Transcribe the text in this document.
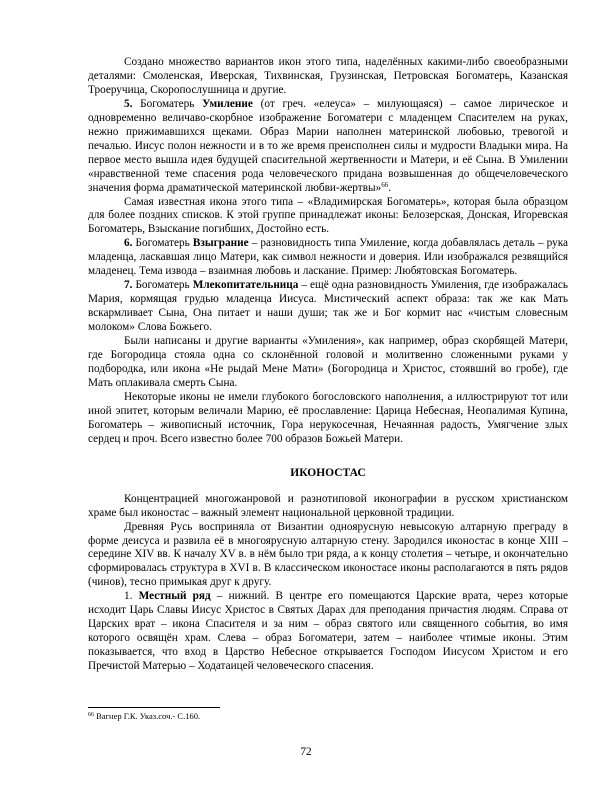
Создано множество вариантов икон этого типа, наделённых какими-либо своеобразными деталями: Смоленская, Иверская, Тихвинская, Грузинская, Петровская Богоматерь, Казанская Троеручица, Скоропослушница и другие.

5. Богоматерь Умиление (от греч. «елеуса» – милующаяся) – самое лирическое и одновременно величаво-скорбное изображение Богоматери с младенцем Спасителем на руках, нежно прижимавшихся щеками. Образ Марии наполнен материнской любовью, тревогой и печалью. Иисус полон нежности и в то же время преисполнен силы и мудрости Владыки мира. На первое место вышла идея будущей спасительной жертвенности и Матери, и её Сына. В Умилении «нравственной теме спасения рода человеческого придана возвышенная до общечеловеческого значения форма драматической материнской любви-жертвы»$^{66}$.

Самая известная икона этого типа – «Владимирская Богоматерь», которая была образцом для более поздних списков. К этой группе принадлежат иконы: Белозерская, Донская, Игоревская Богоматерь, Взыскание погибших, Достойно есть.

6. Богоматерь Взыграние – разновидность типа Умиление, когда добавлялась деталь – рука младенца, ласкавшая лицо Матери, как символ нежности и доверия. Или изображался резвящийся младенец. Тема извода – взаимная любовь и ласкание. Пример: Любятовская Богоматерь.

7. Богоматерь Млекопитательница – ещё одна разновидность Умиления, где изображалась Мария, кормящая грудью младенца Иисуса. Мистический аспект образа: так же как Мать вскармливает Сына, Она питает и наши души; так же и Бог кормит нас «чистым словесным молоком» Слова Божьего.

Были написаны и другие варианты «Умиления», как например, образ скорбящей Матери, где Богородица стояла одна со склонённой головой и молитвенно сложенными руками у подбородка, или икона «Не рыдай Мене Мати» (Богородица и Христос, стоявший во гробе), где Мать оплакивала смерть Сына.

Некоторые иконы не имели глубокого богословского наполнения, а иллюстрируют тот или иной эпитет, которым величали Марию, её прославление: Царица Небесная, Неопалимая Купина, Богоматерь – живописный источник, Гора нерукосечная, Нечаянная радость, Умягчение злых сердец и проч. Всего известно более 700 образов Божьей Матери.

ИКОНОСТАС

Концентрацией многожанровой и разнотиповой иконографии в русском христианском храме был иконостас – важный элемент национальной церковной традиции.

Древняя Русь восприняла от Византии одноярусную невысокую алтарную преграду в форме деисуса и развила её в многоярусную алтарную стену. Зародился иконостас в конце XIII – середине XIV вв. К началу XV в. в нём было три ряда, а к концу столетия – четыре, и окончательно сформировалась структура в XVI в. В классическом иконостасе иконы располагаются в пять рядов (чинов), тесно примыкая друг к другу.

1. Местный ряд – нижний. В центре его помещаются Царские врата, через которые исходит Царь Славы Иисус Христос в Святых Дарах для преподания причастия людям. Справа от Царских врат – икона Спасителя и за ним – образ святого или священного события, во имя которого освящён храм. Слева – образ Богоматери, затем – наиболее чтимые иконы. Этим показывается, что вход в Царство Небесное открывается Господом Иисусом Христом и его Пречистой Матерью – Ходатаицей человеческого спасения.

$^{66}$ Вагнер Г.К. Указ.соч.- С.160.
72
